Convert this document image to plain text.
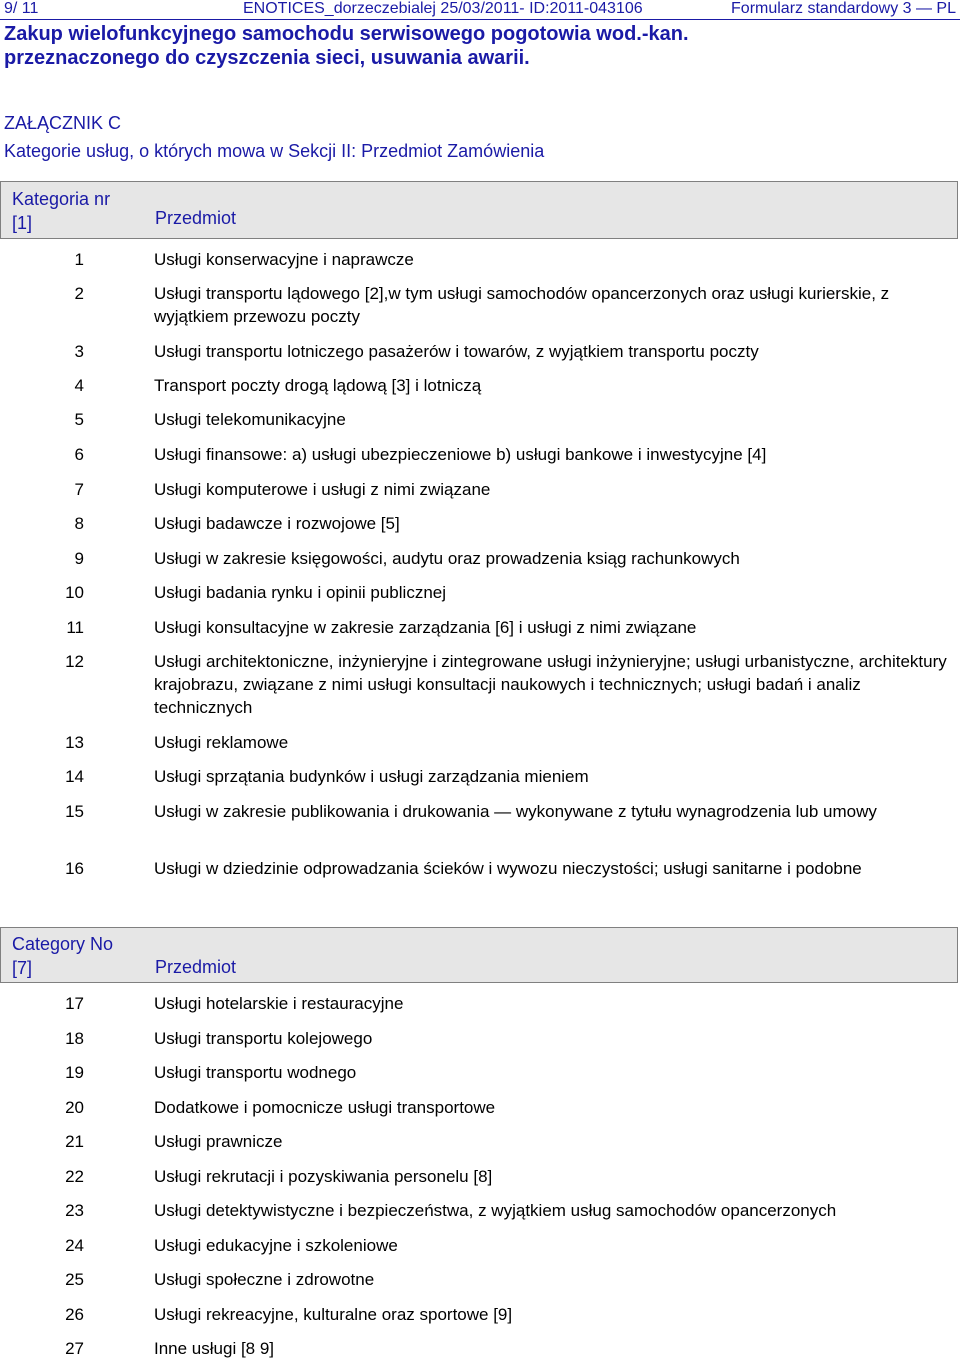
9/ 11	ENOTICES_dorzeczebialej 25/03/2011- ID:2011-043106	Formularz standardowy 3 — PL
Zakup wielofunkcyjnego samochodu serwisowego pogotowia wod.-kan.
przeznaczonego do czyszczenia sieci, usuwania awarii.
ZAŁĄCZNIK C
Kategorie usług, o których mowa w Sekcji II: Przedmiot Zamówienia
Kategoria nr
[1]	Przedmiot
1	Usługi konserwacyjne i naprawcze
2	Usługi transportu lądowego [2],w tym usługi samochodów opancerzonych oraz usługi kurierskie, z wyjątkiem przewozu poczty
3	Usługi transportu lotniczego pasażerów i towarów, z wyjątkiem transportu poczty
4	Transport poczty drogą lądową [3] i lotniczą
5	Usługi telekomunikacyjne
6	Usługi finansowe: a) usługi ubezpieczeniowe b) usługi bankowe i inwestycyjne [4]
7	Usługi komputerowe i usługi z nimi związane
8	Usługi badawcze i rozwojowe [5]
9	Usługi w zakresie księgowości, audytu oraz prowadzenia ksiąg rachunkowych
10	Usługi badania rynku i opinii publicznej
11	Usługi konsultacyjne w zakresie zarządzania [6] i usługi z nimi związane
12	Usługi architektoniczne, inżynieryjne i zintegrowane usługi inżynieryjne; usługi urbanistyczne, architektury krajobrazu, związane z nimi usługi konsultacji naukowych i technicznych; usługi badań i analiz technicznych
13	Usługi reklamowe
14	Usługi sprzątania budynków i usługi zarządzania mieniem
15	Usługi w zakresie publikowania i drukowania — wykonywane z tytułu wynagrodzenia lub umowy
16	Usługi w dziedzinie odprowadzania ścieków i wywozu nieczystości; usługi sanitarne i podobne
Category No
[7]	Przedmiot
17	Usługi hotelarskie i restauracyjne
18	Usługi transportu kolejowego
19	Usługi transportu wodnego
20	Dodatkowe i pomocnicze usługi transportowe
21	Usługi prawnicze
22	Usługi rekrutacji i pozyskiwania personelu [8]
23	Usługi detektywistyczne i bezpieczeństwa, z wyjątkiem usług samochodów opancerzonych
24	Usługi edukacyjne i szkoleniowe
25	Usługi społeczne i zdrowotne
26	Usługi rekreacyjne, kulturalne oraz sportowe [9]
27	Inne usługi [8 9]
